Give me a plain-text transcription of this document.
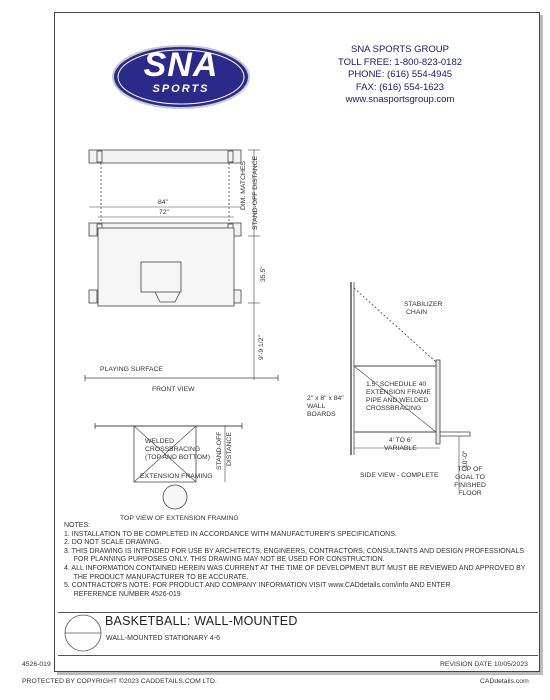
SNA
SPORTS
SNA SPORTS GROUP
TOLL FREE: 1-800-823-0182
PHONE: (616) 554-4945
FAX: (616) 554-1623
www.snasportsgroup.com
84"
72"
DIM. MATCHES STAND-OFF DISTANCE
35.5"
9'-9 1/2"
PLAYING SURFACE
FRONT VIEW
WELDED
CROSSBRACING
(TOP AND BOTTOM)
EXTENSION FRAMING
STAND-OFF DISTANCE
TOP VIEW OF EXTENSION FRAMING
STABILIZER
CHAIN
1.5" SCHEDULE 40
EXTENSION FRAME
PIPE AND WELDED
CROSSBRACING
2" x 8" x 84"
WALL
BOARDS
4' TO 6'
VARIABLE
10'-0"
TOP OF
GOAL TO
FINISHED
FLOOR
SIDE VIEW - COMPLETE
NOTES:
1. INSTALLATION TO BE COMPLETED IN ACCORDANCE WITH MANUFACTURER'S SPECIFICATIONS.
2. DO NOT SCALE DRAWING.
3. THIS DRAWING IS INTENDED FOR USE BY ARCHITECTS, ENGINEERS, CONTRACTORS, CONSULTANTS AND DESIGN PROFESSIONALS
FOR PLANNING PURPOSES ONLY. THIS DRAWING MAY NOT BE USED FOR CONSTRUCTION.
4. ALL INFORMATION CONTAINED HEREIN WAS CURRENT AT THE TIME OF DEVELOPMENT BUT MUST BE REVIEWED AND APPROVED BY
THE PRODUCT MANUFACTURER TO BE ACCURATE.
5. CONTRACTOR'S NOTE: FOR PRODUCT AND COMPANY INFORMATION VISIT www.CADdetails.com/info AND ENTER
REFERENCE NUMBER 4526-019
BASKETBALL: WALL-MOUNTED
WALL-MOUNTED STATIONARY 4-6
4526-019	REVISION DATE 10/05/2023
PROTECTED BY COPYRIGHT ©2023 CADDETAILS.COM LTD.	CADdetails.com
